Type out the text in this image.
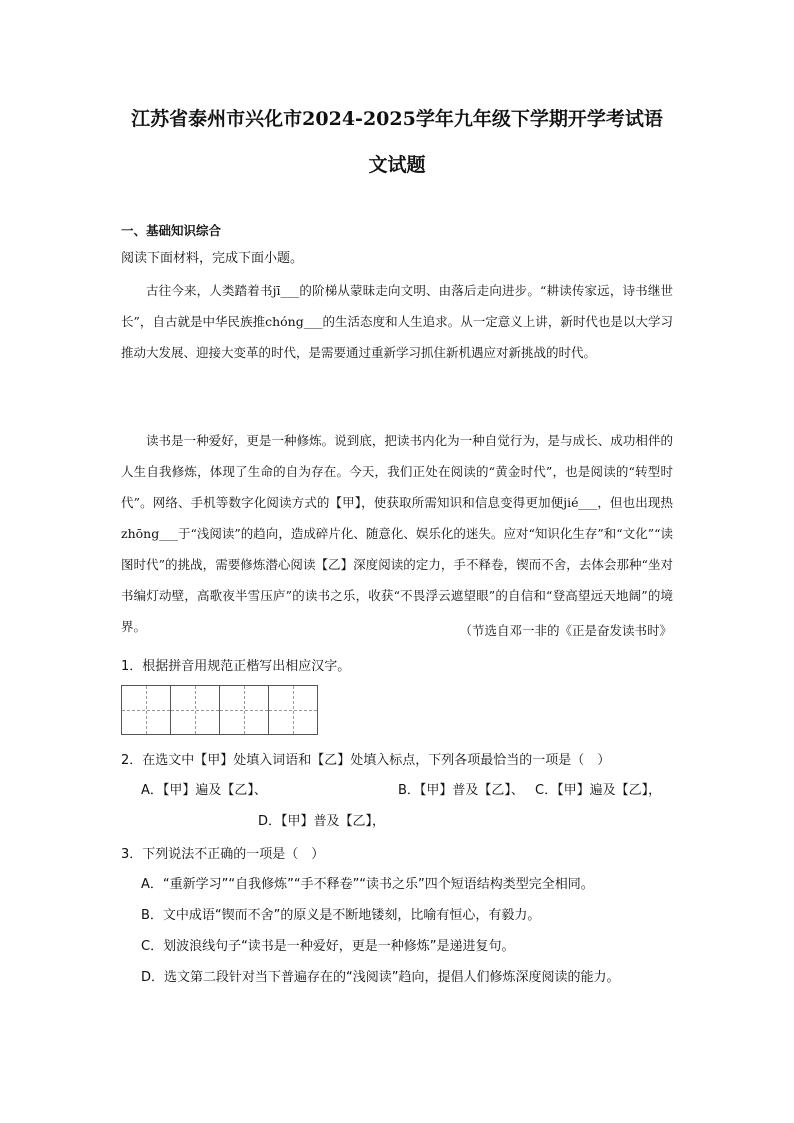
江苏省泰州市兴化市2024-2025学年九年级下学期开学考试语
文试题
一、基础知识综合
阅读下面材料，完成下面小题。

古往今来，人类踏着书jī___的阶梯从蒙昧走向文明、由落后走向进步。“耕读传家远，诗书继世长”，自古就是中华民族推chóng___的生活态度和人生追求。从一定意义上讲，新时代也是以大学习推动大发展、迎接大变革的时代，是需要通过重新学习抓住新机遇应对新挑战的时代。

读书是一种爱好，更是一种修炼。说到底，把读书内化为一种自觉行为，是与成长、成功相伴的人生自我修炼，体现了生命的自为存在。今天，我们正处在阅读的“黄金时代”，也是阅读的“转型时代”。网络、手机等数字化阅读方式的【甲】，使获取所需知识和信息变得更加便jié___，但也出现热zhōng___于“浅阅读”的趋向，造成碎片化、随意化、娱乐化的迷失。应对“知识化生存”和“文化”“读图时代”的挑战，需要修炼潜心阅读【乙】深度阅读的定力，手不释卷，锲而不舍，去体会那种“坐对书编灯动壁，高歌夜半雪压庐”的读书之乐，收获“不畏浮云遮望眼”的自信和“登高望远天地阔”的境界。	（节选自邓一非的《正是奋发读书时》
1．根据拼音用规范正楷写出相应汉字。
2．在选文中【甲】处填入词语和【乙】处填入标点，下列各项最恰当的一项是（　）
A．【甲】遍及【乙】、	B．【甲】普及【乙】、 C．【甲】遍及【乙】，
D．【甲】普及【乙】，
3．下列说法不正确的一项是（　）
A．“重新学习”“自我修炼”“手不释卷”“读书之乐”四个短语结构类型完全相同。
B．文中成语“锲而不舍”的原义是不断地镂刻，比喻有恒心，有毅力。
C．划波浪线句子“读书是一种爱好，更是一种修炼”是递进复句。
D．选文第二段针对当下普遍存在的“浅阅读”趋向，提倡人们修炼深度阅读的能力。
